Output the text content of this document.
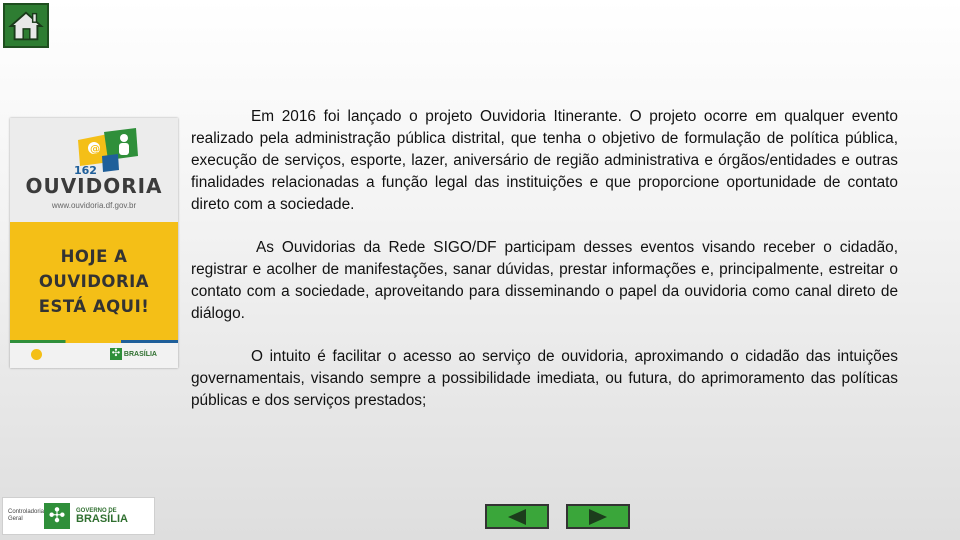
@
162
OUVIDORIA
www.ouvidoria.df.gov.br
HOJE A
OUVIDORIA
ESTÁ AQUI!
✣ BRASÍLIA

Em 2016 foi lançado o projeto Ouvidoria Itinerante. O projeto ocorre em qualquer evento realizado pela administração pública distrital, que tenha o objetivo de formulação de política pública, execução de serviços, esporte, lazer, aniversário de região administrativa e órgãos/entidades e outras finalidades relacionadas a função legal das instituições e que proporcione oportunidade de contato direto com a sociedade.

As Ouvidorias da Rede SIGO/DF participam desses eventos visando receber o cidadão, registrar e acolher de manifestações, sanar dúvidas, prestar informações e, principalmente, estreitar o contato com a sociedade, aproveitando para disseminando o papel da ouvidoria como canal direto de diálogo.

O intuito é facilitar o acesso ao serviço de ouvidoria, aproximando o cidadão das intuições governamentais, visando sempre a possibilidade imediata, ou futura, do aprimoramento das políticas públicas e dos serviços prestados;

Controladoria Geral	✣	GOVERNO DE
BRASÍLIA
